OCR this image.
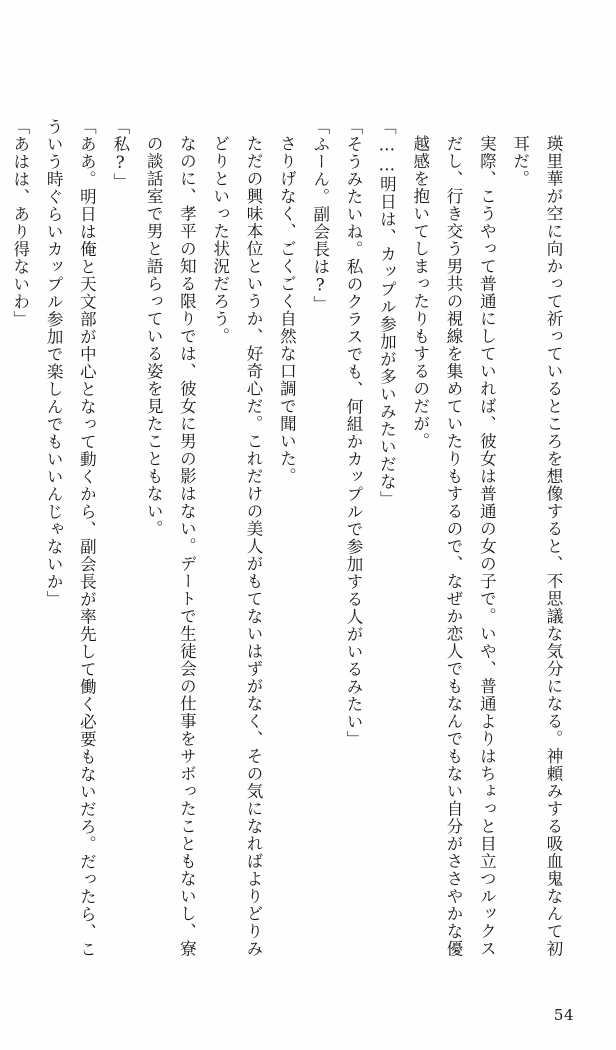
瑛里華が空に向かって祈っているところを想像すると、不思議な気分になる。神頼みする吸血鬼なんて初耳だ。

実際、こうやって普通にしていれば、彼女は普通の女の子で。いや、普通よりはちょっと目立つルックスだし、行き交う男共の視線を集めていたりもするので、なぜか恋人でもなんでもない自分がささやかな優越感を抱いてしまったりもするのだが。

「……明日は、カップル参加が多いみたいだな」

「そうみたいね。私のクラスでも、何組かカップルで参加する人がいるみたい」

「ふーん。副会長は?」

さりげなく、ごくごく自然な口調で聞いた。

ただの興味本位というか、好奇心だ。これだけの美人がもてないはずがなく、その気になればよりどりみどりといった状況だろう。

なのに、孝平の知る限りでは、彼女に男の影はない。デートで生徒会の仕事をサボったこともないし、寮の談話室で男と語らっている姿を見たこともない。

「私?」

「ああ。明日は俺と天文部が中心となって動くから、副会長が率先して働く必要もないだろ。だったら、こういう時ぐらいカップル参加で楽しんでもいいんじゃないか」

「あはは、あり得ないわ」

54
